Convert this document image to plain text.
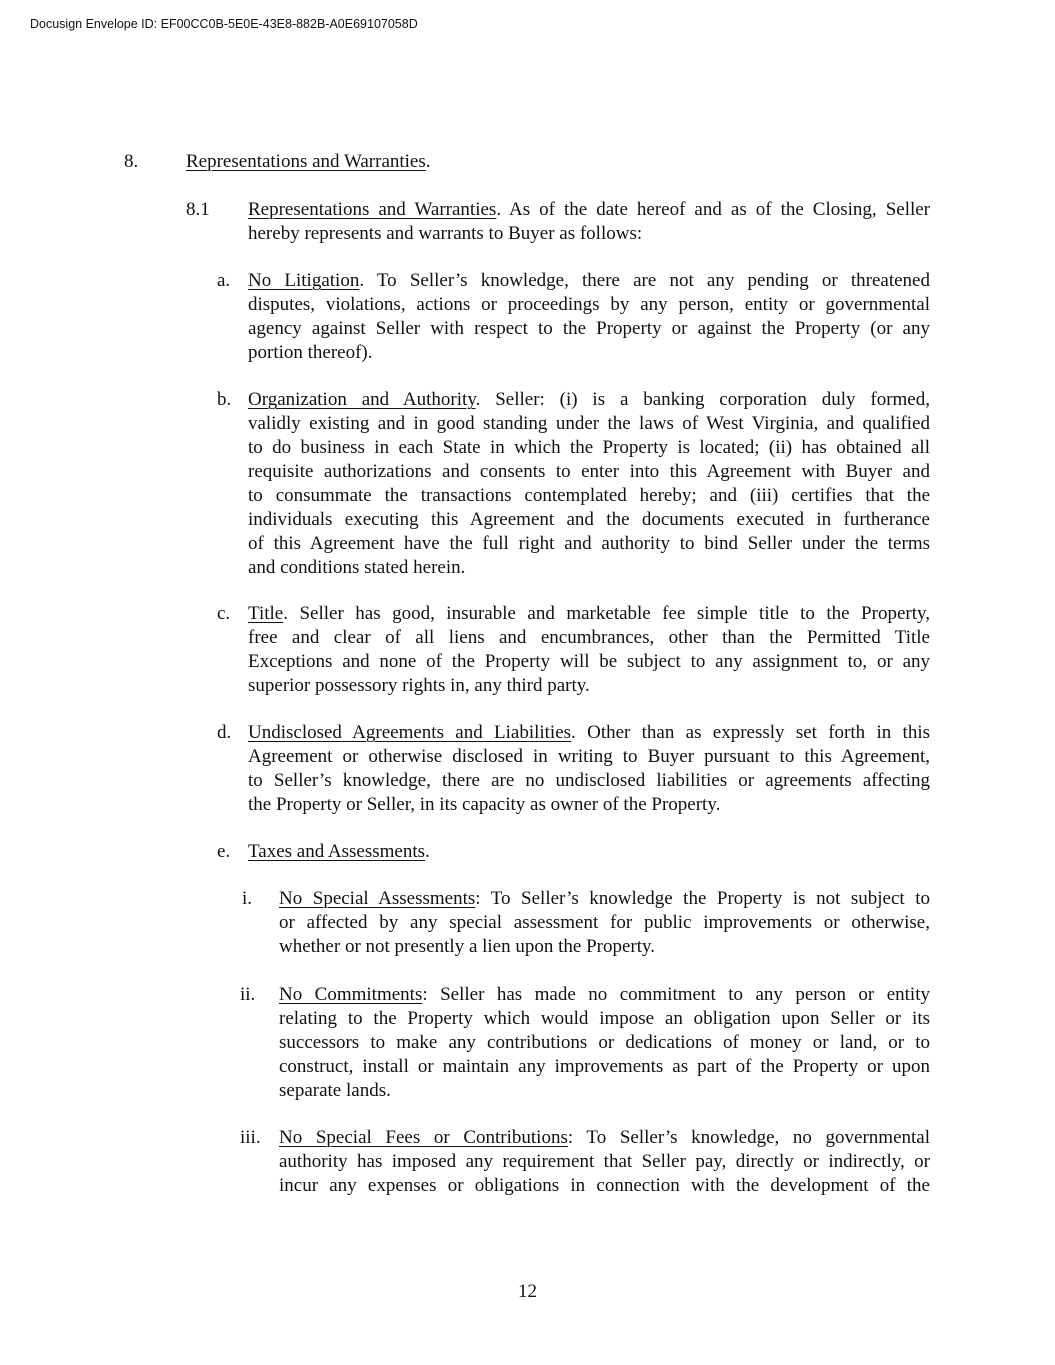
Docusign Envelope ID: EF00CC0B-5E0E-43E8-882B-A0E69107058D
8.	Representations and Warranties.
8.1 Representations and Warranties. As of the date hereof and as of the Closing, Seller
hereby represents and warrants to Buyer as follows:
a. No Litigation. To Seller’s knowledge, there are not any pending or threatened
disputes, violations, actions or proceedings by any person, entity or governmental
agency against Seller with respect to the Property or against the Property (or any
portion thereof).
b. Organization and Authority. Seller: (i) is a banking corporation duly formed,
validly existing and in good standing under the laws of West Virginia, and qualified
to do business in each State in which the Property is located; (ii) has obtained all
requisite authorizations and consents to enter into this Agreement with Buyer and
to consummate the transactions contemplated hereby; and (iii) certifies that the
individuals executing this Agreement and the documents executed in furtherance
of this Agreement have the full right and authority to bind Seller under the terms
and conditions stated herein.
c. Title. Seller has good, insurable and marketable fee simple title to the Property,
free and clear of all liens and encumbrances, other than the Permitted Title
Exceptions and none of the Property will be subject to any assignment to, or any
superior possessory rights in, any third party.
d. Undisclosed Agreements and Liabilities. Other than as expressly set forth in this
Agreement or otherwise disclosed in writing to Buyer pursuant to this Agreement,
to Seller’s knowledge, there are no undisclosed liabilities or agreements affecting
the Property or Seller, in its capacity as owner of the Property.
e. Taxes and Assessments.
i. No Special Assessments: To Seller’s knowledge the Property is not subject to
or affected by any special assessment for public improvements or otherwise,
whether or not presently a lien upon the Property.
ii. No Commitments: Seller has made no commitment to any person or entity
relating to the Property which would impose an obligation upon Seller or its
successors to make any contributions or dedications of money or land, or to
construct, install or maintain any improvements as part of the Property or upon
separate lands.
iii. No Special Fees or Contributions: To Seller’s knowledge, no governmental
authority has imposed any requirement that Seller pay, directly or indirectly, or
incur any expenses or obligations in connection with the development of the
12
